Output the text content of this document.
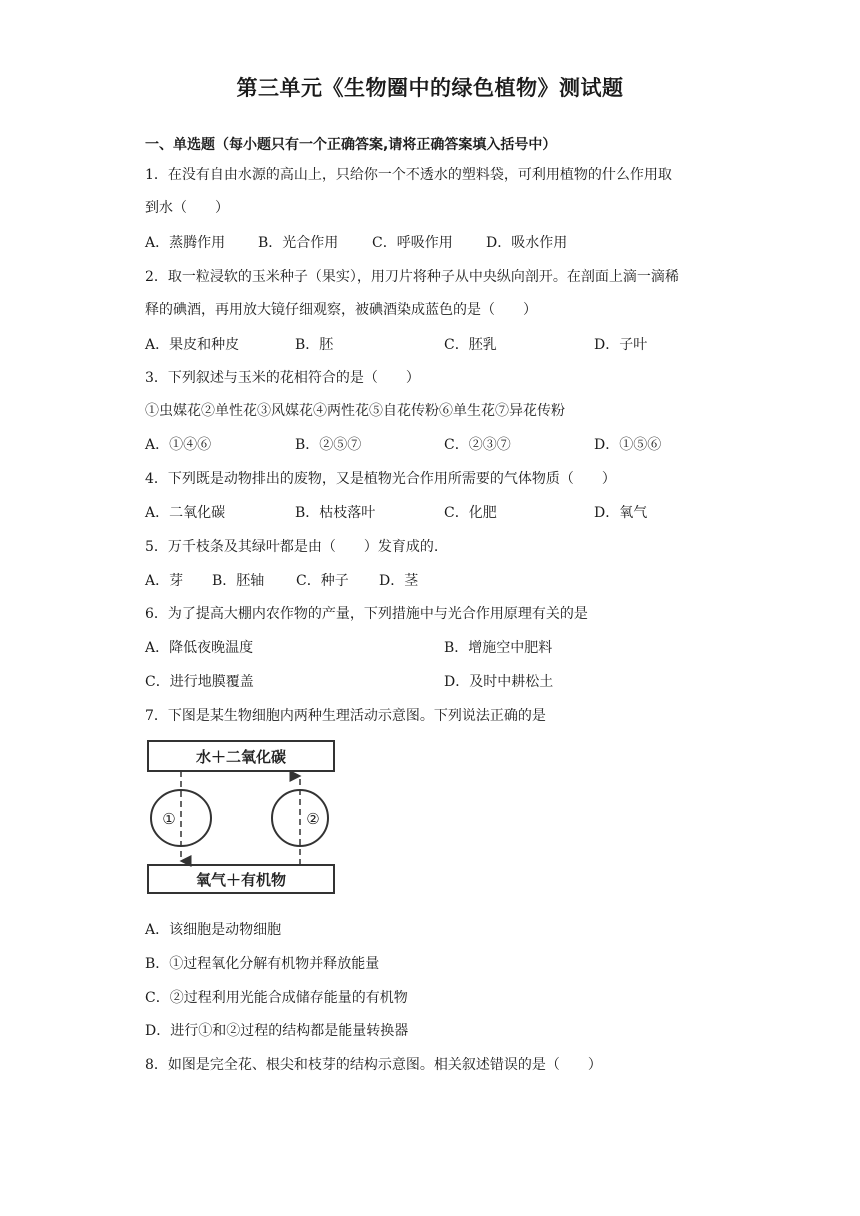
第三单元《生物圈中的绿色植物》测试题
一、单选题（每小题只有一个正确答案,请将正确答案填入括号中）
1．在没有自由水源的高山上，只给你一个不透水的塑料袋，可利用植物的什么作用取
到水（　　）
A．蒸腾作用 B．光合作用 C．呼吸作用 D．吸水作用
2．取一粒浸软的玉米种子（果实），用刀片将种子从中央纵向剖开。在剖面上滴一滴稀
释的碘酒，再用放大镜仔细观察，被碘酒染成蓝色的是（　　）
A．果皮和种皮	B．胚	C．胚乳	D．子叶
3．下列叙述与玉米的花相符合的是（　　）
①虫媒花②单性花③风媒花④两性花⑤自花传粉⑥单生花⑦异花传粉
A．①④⑥	B．②⑤⑦	C．②③⑦	D．①⑤⑥
4．下列既是动物排出的废物，又是植物光合作用所需要的气体物质（　　）
A．二氧化碳	B．枯枝落叶	C．化肥	D．氧气
5．万千枝条及其绿叶都是由（　　）发育成的.
A．芽 B．胚轴 C．种子 D．茎
6．为了提高大棚内农作物的产量，下列措施中与光合作用原理有关的是
A．降低夜晚温度	B．增施空中肥料
C．进行地膜覆盖	D．及时中耕松土
7．下图是某生物细胞内两种生理活动示意图。下列说法正确的是
水＋二氧化碳
氧气＋有机物
①	②
A．该细胞是动物细胞
B．①过程氧化分解有机物并释放能量
C．②过程利用光能合成储存能量的有机物
D．进行①和②过程的结构都是能量转换器
8．如图是完全花、根尖和枝芽的结构示意图。相关叙述错误的是（　　）
